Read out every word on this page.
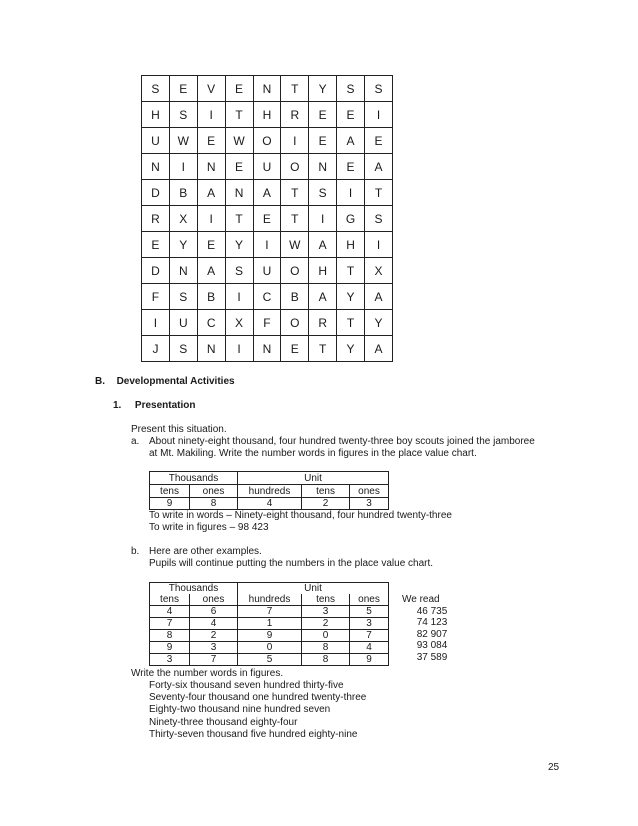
S	E	V	E	N	T	Y	S	S
H	S	I	T	H	R	E	E	I
U	W	E	W	O	I	E	A	E
N	I	N	E	U	O	N	E	A
D	B	A	N	A	T	S	I	T
R	X	I	T	E	T	I	G	S
E	Y	E	Y	I	W	A	H	I
D	N	A	S	U	O	H	T	X
F	S	B	I	C	B	A	Y	A
I	U	C	X	F	O	R	T	Y
J	S	N	I	N	E	T	Y	A
B. Developmental Activities
1. Presentation
Present this situation.
a. About ninety-eight thousand, four hundred twenty-three boy scouts joined the jamboree
at Mt. Makiling. Write the number words in figures in the place value chart.
Thousands		Unit		
tens	ones	hundreds	tens	ones
9	8	4	2	3
To write in words – Ninety-eight thousand, four hundred twenty-three
To write in figures – 98 423
b. Here are other examples.
Pupils will continue putting the numbers in the place value chart.
Thousands		Unit		
tens	ones	hundreds	tens	ones
4	6	7	3	5
7	4	1	2	3
8	2	9	0	7
9	3	0	8	4
3	7	5	8	9
We read
46 735
74 123
82 907
93 084
37 589
Write the number words in figures.
Forty-six thousand seven hundred thirty-five
Seventy-four thousand one hundred twenty-three
Eighty-two thousand nine hundred seven
Ninety-three thousand eighty-four
Thirty-seven thousand five hundred eighty-nine
25
